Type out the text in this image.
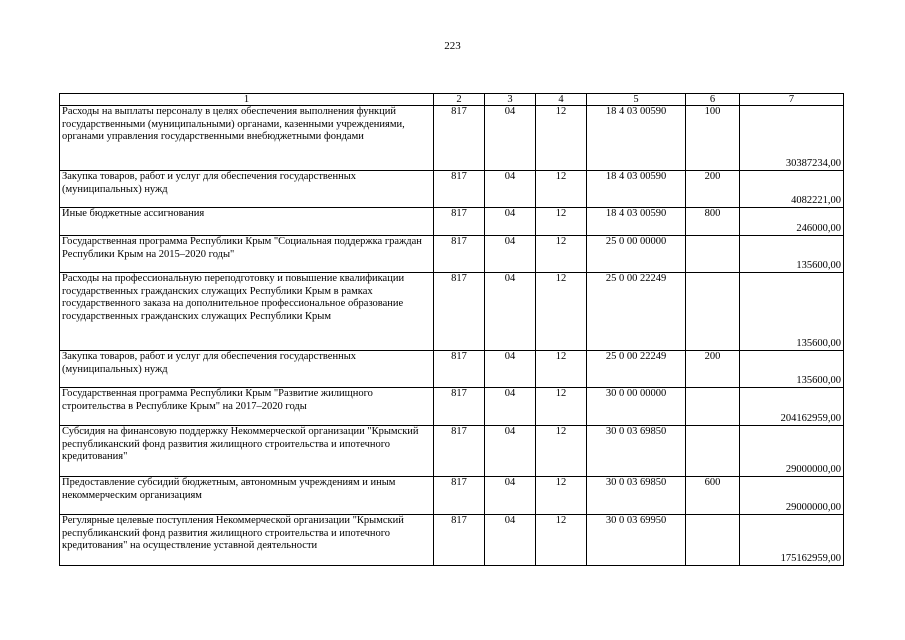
223
1	2	3	4	5	6	7
Расходы на выплаты персоналу в целях обеспечения выполнения функций государственными (муниципальными) органами, казенными учреждениями, органами управления государственными внебюджетными фондами	817	04	12	18 4 03 00590	100	30387234,00
Закупка товаров, работ и услуг для обеспечения государственных (муниципальных) нужд	817	04	12	18 4 03 00590	200	4082221,00
Иные бюджетные ассигнования	817	04	12	18 4 03 00590	800	246000,00
Государственная программа Республики Крым "Социальная поддержка граждан Республики Крым на 2015–2020 годы"	817	04	12	25 0 00 00000		135600,00
Расходы на профессиональную переподготовку и повышение квалификации государственных гражданских служащих Республики Крым в рамках государственного заказа на дополнительное профессиональное образование государственных гражданских служащих Республики Крым	817	04	12	25 0 00 22249		135600,00
Закупка товаров, работ и услуг для обеспечения государственных (муниципальных) нужд	817	04	12	25 0 00 22249	200	135600,00
Государственная программа Республики Крым "Развитие жилищного строительства в Республике Крым" на 2017–2020 годы	817	04	12	30 0 00 00000		204162959,00
Субсидия на финансовую поддержку Некоммерческой организации "Крымский республиканский фонд развития жилищного строительства и ипотечного кредитования"	817	04	12	30 0 03 69850		29000000,00
Предоставление субсидий бюджетным, автономным учреждениям и иным некоммерческим организациям	817	04	12	30 0 03 69850	600	29000000,00
Регулярные целевые поступления Некоммерческой организации "Крымский республиканский фонд развития жилищного строительства и ипотечного кредитования" на осуществление уставной деятельности	817	04	12	30 0 03 69950		175162959,00
